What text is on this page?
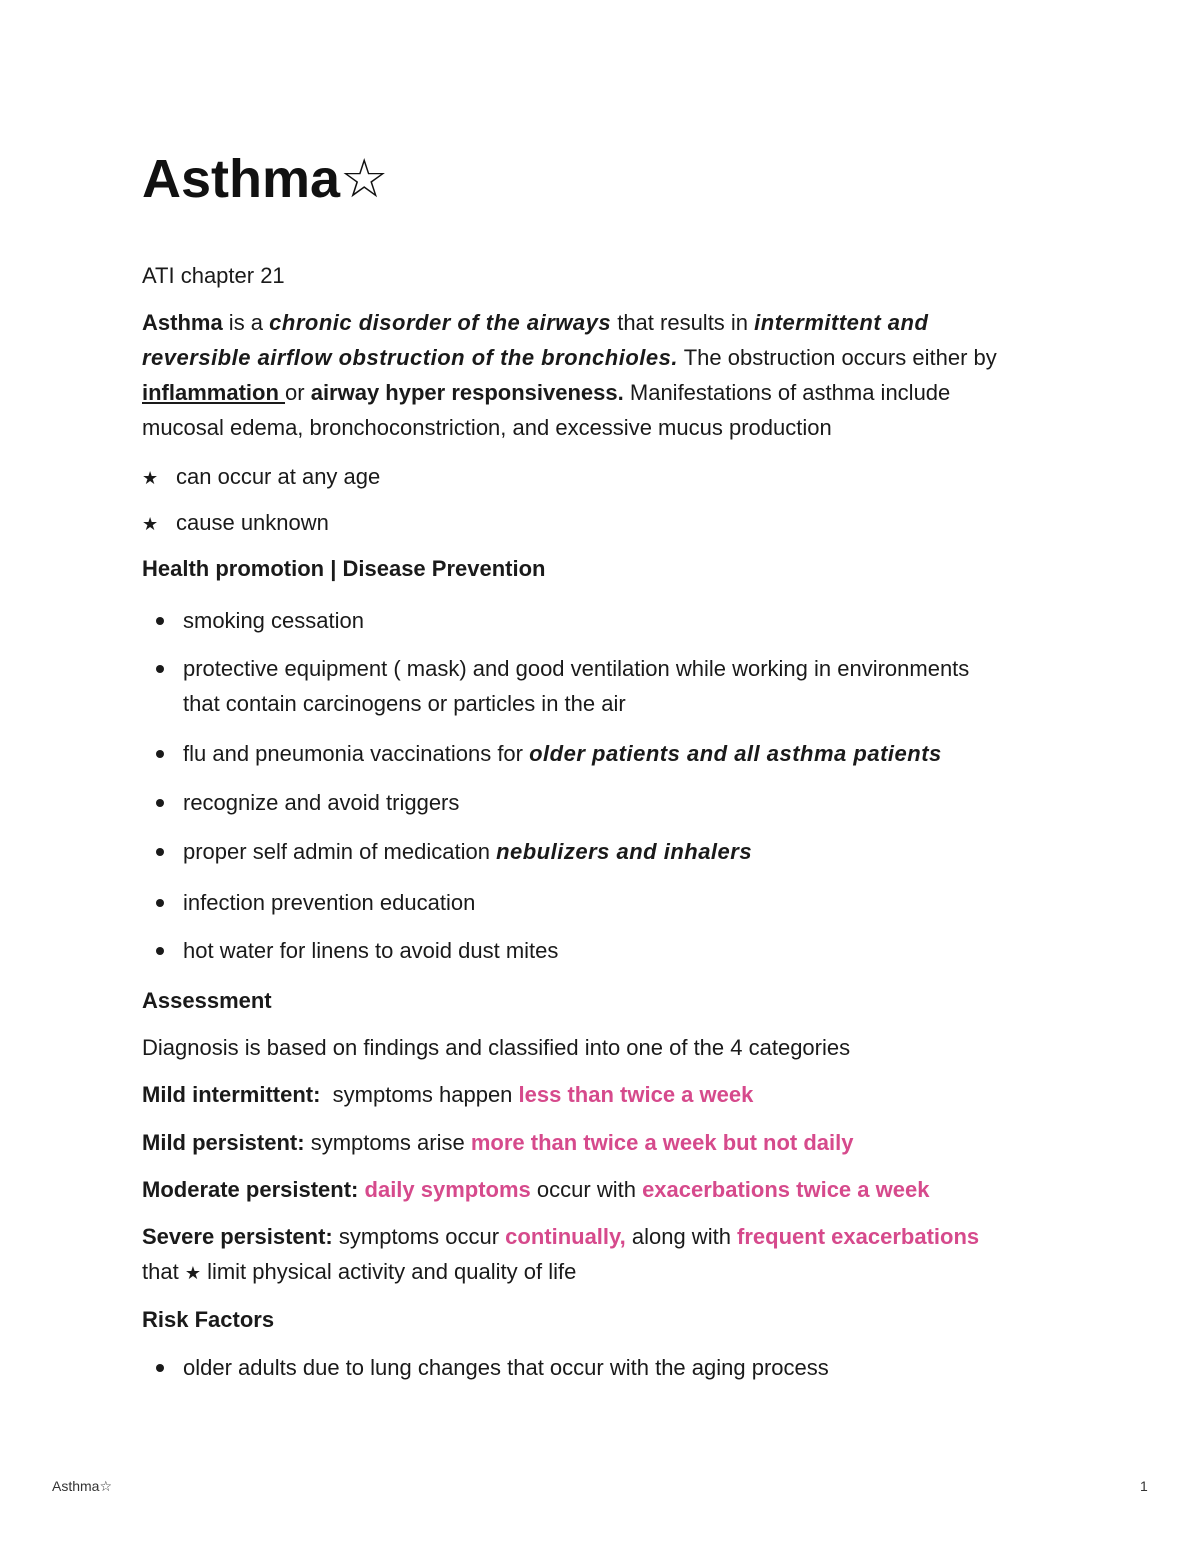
Asthma☆
ATI chapter 21
Asthma is a chronic disorder of the airways that results in intermittent and
reversible airflow obstruction of the bronchioles. The obstruction occurs either by
inflammation or airway hyper responsiveness. Manifestations of asthma include
mucosal edema, bronchoconstriction, and excessive mucus production
★ can occur at any age
★ cause unknown
Health promotion | Disease Prevention
smoking cessation
protective equipment ( mask) and good ventilation while working in environments
that contain carcinogens or particles in the air
flu and pneumonia vaccinations for older patients and all asthma patients
recognize and avoid triggers
proper self admin of medication nebulizers and inhalers
infection prevention education
hot water for linens to avoid dust mites
Assessment
Diagnosis is based on findings and classified into one of the 4 categories
Mild intermittent:  symptoms happen less than twice a week
Mild persistent: symptoms arise more than twice a week but not daily
Moderate persistent: daily symptoms occur with exacerbations twice a week
Severe persistent: symptoms occur continually, along with frequent exacerbations
that ★ limit physical activity and quality of life
Risk Factors
older adults due to lung changes that occur with the aging process
Asthma☆	1
